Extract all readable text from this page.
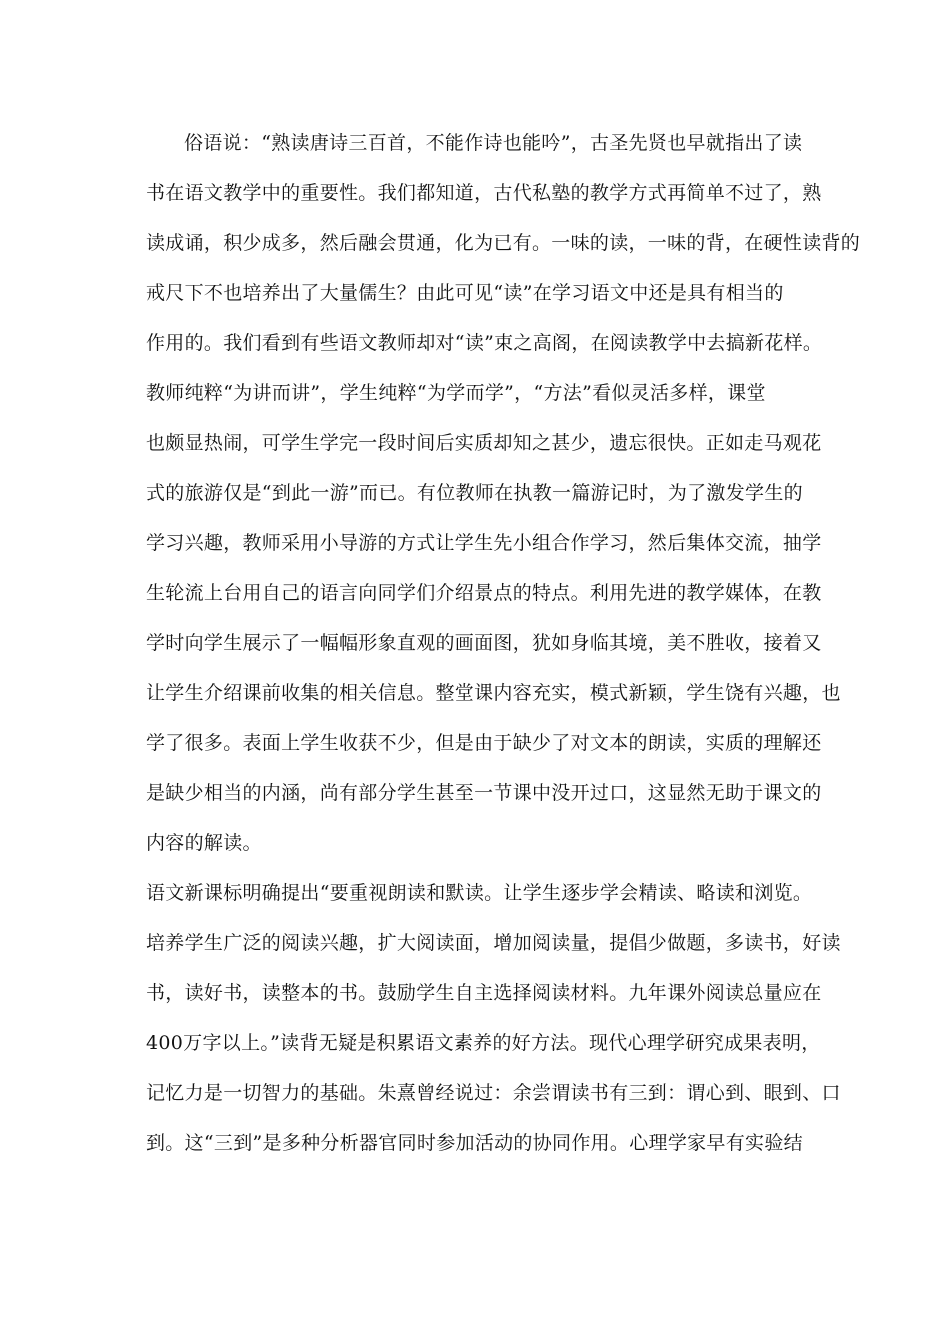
俗语说：“熟读唐诗三百首，不能作诗也能吟”，古圣先贤也早就指出了读
书在语文教学中的重要性。我们都知道，古代私塾的教学方式再简单不过了，熟
读成诵，积少成多，然后融会贯通，化为已有。一味的读，一味的背，在硬性读背的
戒尺下不也培养出了大量儒生？由此可见“读”在学习语文中还是具有相当的
作用的。我们看到有些语文教师却对“读”束之高阁，在阅读教学中去搞新花样。
教师纯粹“为讲而讲”，学生纯粹“为学而学”，“方法”看似灵活多样，课堂
也颇显热闹，可学生学完一段时间后实质却知之甚少，遗忘很快。正如走马观花
式的旅游仅是“到此一游”而已。有位教师在执教一篇游记时，为了激发学生的
学习兴趣，教师采用小导游的方式让学生先小组合作学习，然后集体交流，抽学
生轮流上台用自己的语言向同学们介绍景点的特点。利用先进的教学媒体，在教
学时向学生展示了一幅幅形象直观的画面图，犹如身临其境，美不胜收，接着又
让学生介绍课前收集的相关信息。整堂课内容充实，模式新颖，学生饶有兴趣，也
学了很多。表面上学生收获不少，但是由于缺少了对文本的朗读，实质的理解还
是缺少相当的内涵，尚有部分学生甚至一节课中没开过口，这显然无助于课文的
内容的解读。
语文新课标明确提出“要重视朗读和默读。让学生逐步学会精读、略读和浏览。
培养学生广泛的阅读兴趣，扩大阅读面，增加阅读量，提倡少做题，多读书，好读
书，读好书，读整本的书。鼓励学生自主选择阅读材料。九年课外阅读总量应在
400万字以上。”读背无疑是积累语文素养的好方法。现代心理学研究成果表明，
记忆力是一切智力的基础。朱熹曾经说过：余尝谓读书有三到：谓心到、眼到、口
到。这“三到”是多种分析器官同时参加活动的协同作用。心理学家早有实验结
